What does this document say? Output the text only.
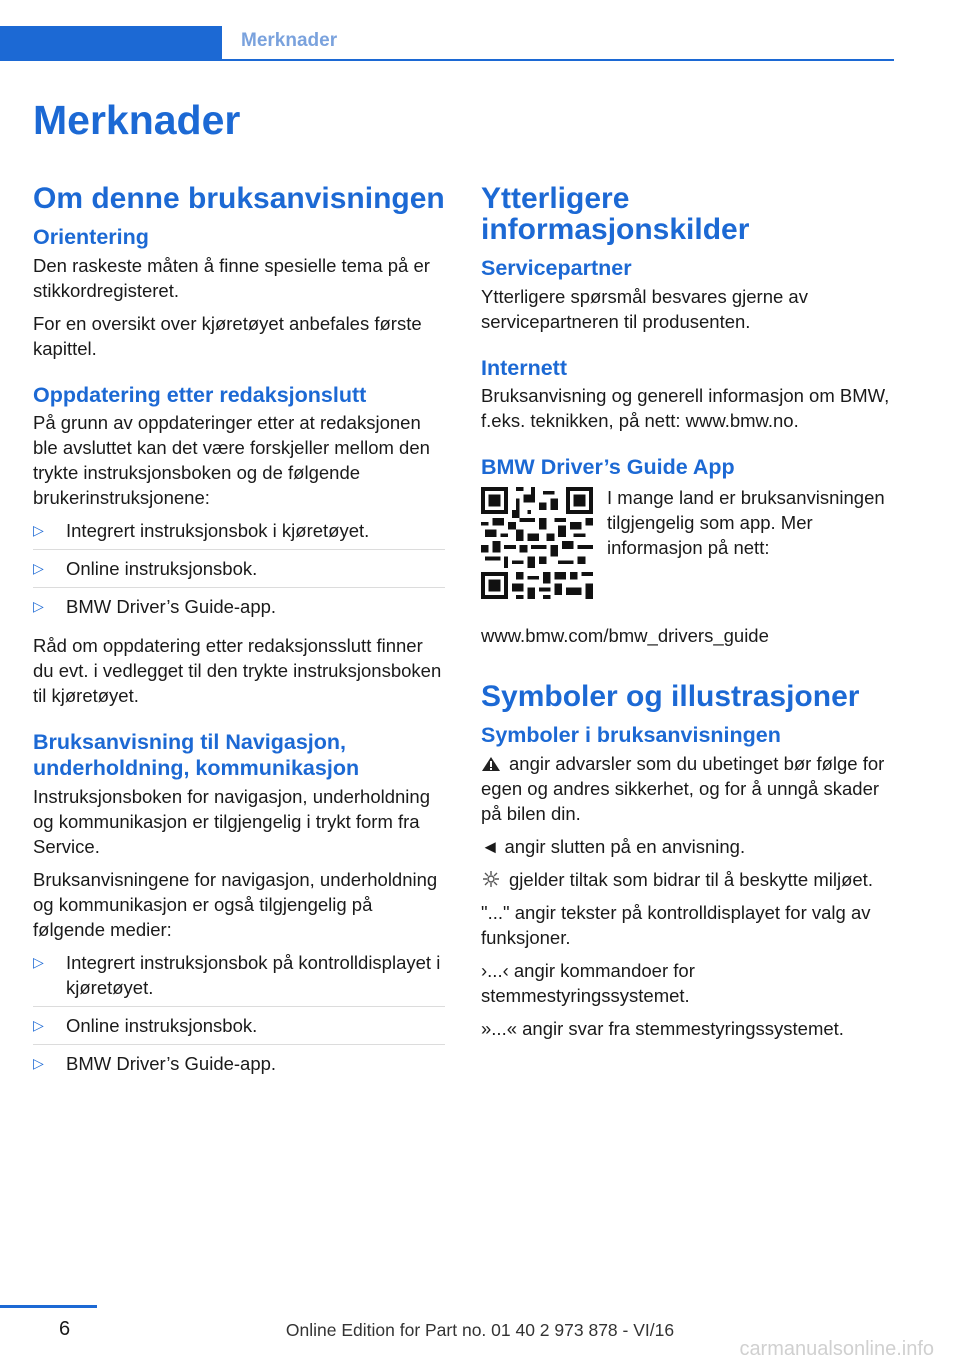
Merknader
Merknader
Om denne bruksanvisningen
Orientering

Den raskeste måten å finne spesielle tema på er stikkordregisteret.

For en oversikt over kjøretøyet anbefales første kapittel.

Oppdatering etter redaksjonslutt

På grunn av oppdateringer etter at redaksjonen ble avsluttet kan det være forskjeller mellom den trykte instruksjonsboken og de følgende brukerinstruksjonene:

▷ Integrert instruksjonsbok i kjøretøyet.
▷ Online instruksjonsbok.
▷ BMW Driver’s Guide-app.

Råd om oppdatering etter redaksjonsslutt finner du evt. i vedlegget til den trykte instruksjonsboken til kjøretøyet.

Bruksanvisning til Navigasjon, underholdning, kommunikasjon

Instruksjonsboken for navigasjon, underholdning og kommunikasjon er tilgjengelig i trykt form fra Service.

Bruksanvisningene for navigasjon, underholdning og kommunikasjon er også tilgjengelig på følgende medier:

▷ Integrert instruksjonsbok på kontrolldisplayet i kjøretøyet.
▷ Online instruksjonsbok.
▷ BMW Driver’s Guide-app.
Ytterligere informasjonskilder
Servicepartner

Ytterligere spørsmål besvares gjerne av servicepartneren til produsenten.

Internett

Bruksanvisning og generell informasjon om BMW, f.eks. teknikken, på nett: www.bmw.no.

BMW Driver’s Guide App
I mange land er bruksanvisningen tilgjengelig som app. Mer informasjon på nett:

www.bmw.com/bmw_drivers_guide

Symboler og illustrasjoner
Symboler i bruksanvisningen

angir advarsler som du ubetinget bør følge for egen og andres sikkerhet, og for å unngå skader på bilen din.

◄ angir slutten på en anvisning.

gjelder tiltak som bidrar til å beskytte miljøet.

"..." angir tekster på kontrolldisplayet for valg av funksjoner.

›...‹ angir kommandoer for stemmestyringssystemet.

»...« angir svar fra stemmestyringssystemet.

6	Online Edition for Part no. 01 40 2 973 878 - VI/16
carmanualsonline.info
